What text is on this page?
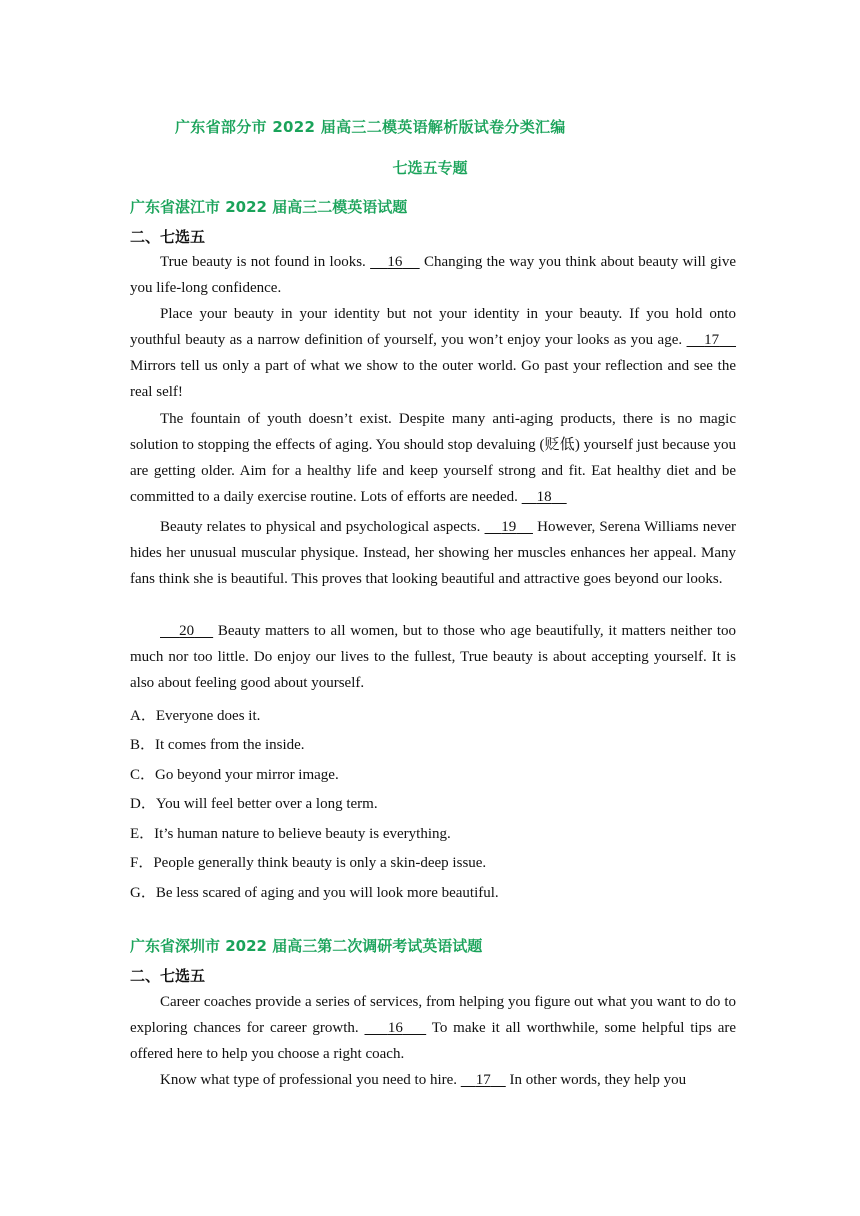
广东省部分市 2022 届高三二模英语解析版试卷分类汇编
七选五专题
广东省湛江市 2022 届高三二模英语试题
二、七选五
True beauty is not found in looks.     16     Changing the way you think about beauty will give you life-long confidence.
Place your beauty in your identity but not your identity in your beauty. If you hold onto youthful beauty as a narrow definition of yourself, you won’t enjoy your looks as you age.     17     Mirrors tell us only a part of what we show to the outer world. Go past your reflection and see the real self!
The fountain of youth doesn’t exist. Despite many anti-aging products, there is no magic solution to stopping the effects of aging. You should stop devaluing (贬低) yourself just because you are getting older. Aim for a healthy life and keep yourself strong and fit. Eat healthy diet and be committed to a daily exercise routine. Lots of efforts are needed.     18
Beauty relates to physical and psychological aspects.     19     However, Serena Williams never hides her unusual muscular physique. Instead, her showing her muscles enhances her appeal. Many fans think she is beautiful. This proves that looking beautiful and attractive goes beyond our looks.
20     Beauty matters to all women, but to those who age beautifully, it matters neither too much nor too little. Do enjoy our lives to the fullest, True beauty is about accepting yourself. It is also about feeling good about yourself.
A．Everyone does it.
B．It comes from the inside.
C．Go beyond your mirror image.
D．You will feel better over a long term.
E．It’s human nature to believe beauty is everything.
F．People generally think beauty is only a skin-deep issue.
G．Be less scared of aging and you will look more beautiful.
广东省深圳市 2022 届高三第二次调研考试英语试题
二、七选五
Career coaches provide a series of services, from helping you figure out what you want to do to exploring chances for career growth.     16     To make it all worthwhile, some helpful tips are offered here to help you choose a right coach.
Know what type of professional you need to hire.     17     In other words, they help you
